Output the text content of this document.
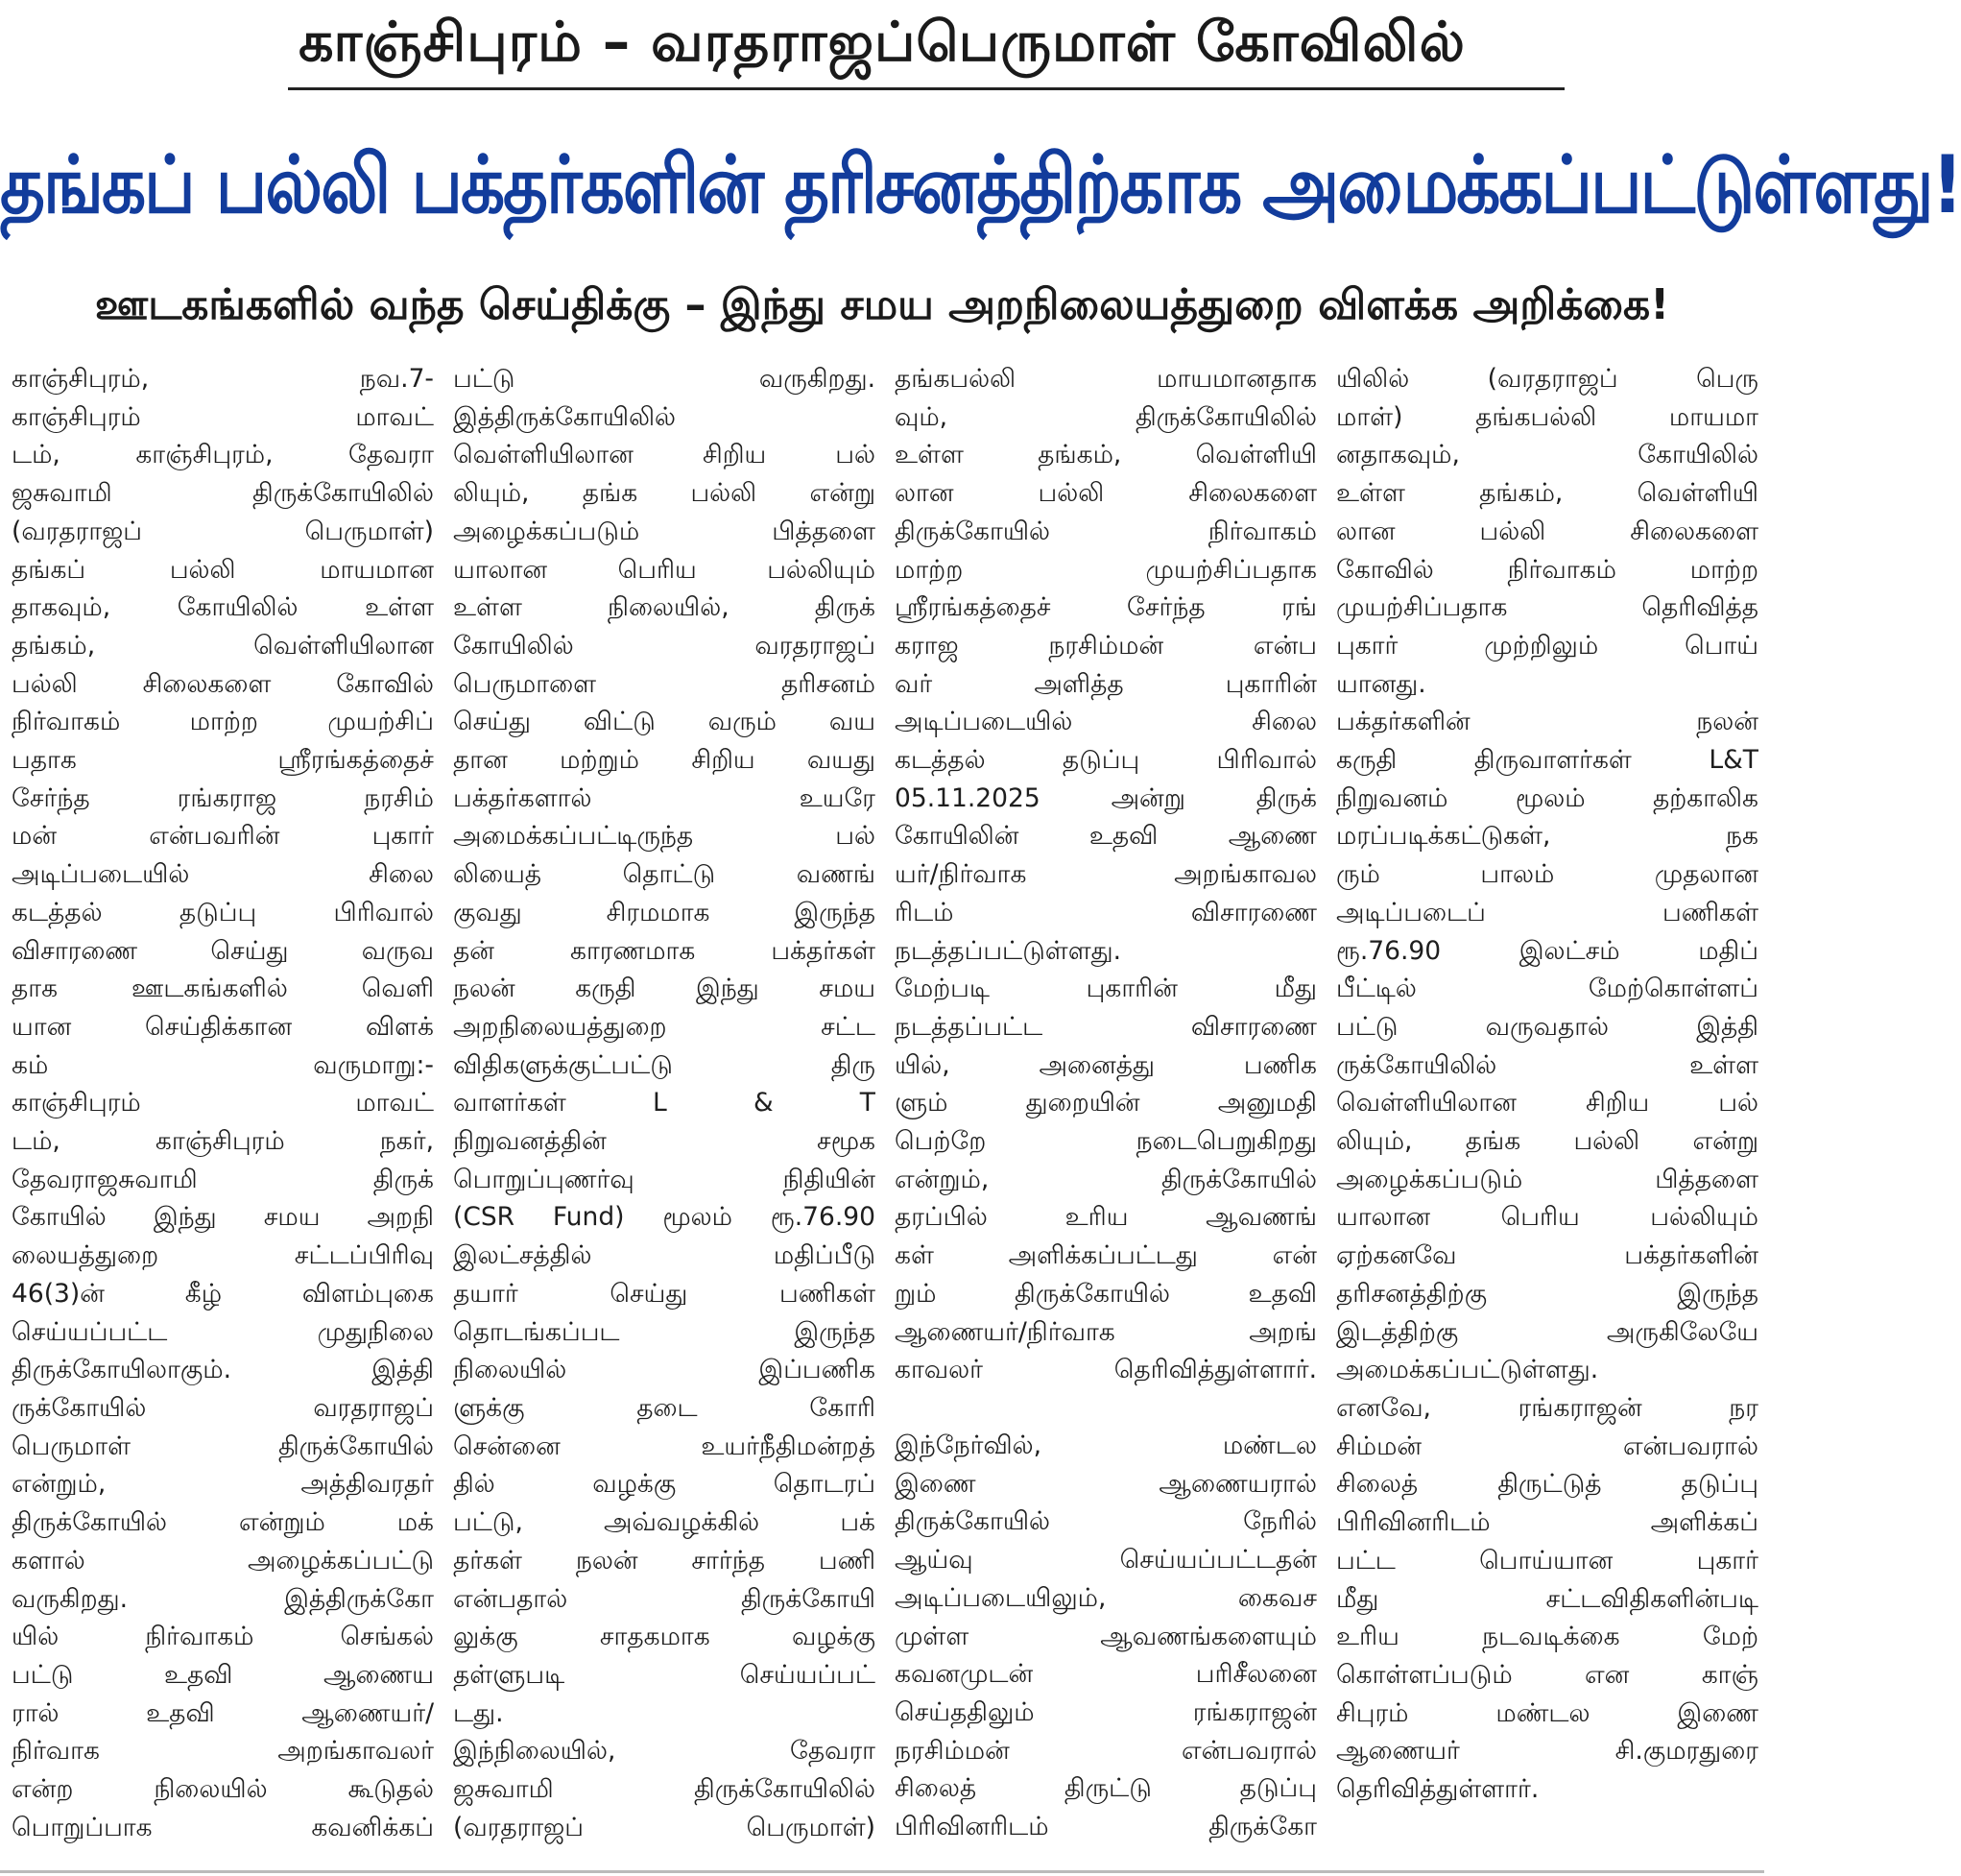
காஞ்சிபுரம் – வரதராஜப்பெருமாள் கோவிலில்
தங்கப் பல்லி பக்தர்களின் தரிசனத்திற்காக அமைக்கப்பட்டுள்ளது!
ஊடகங்களில் வந்த செய்திக்கு – இந்து சமய அறநிலையத்துறை விளக்க அறிக்கை!
காஞ்சிபுரம், நவ.7-
காஞ்சிபுரம் மாவட்
டம், காஞ்சிபுரம், தேவரா
ஜசுவாமி திருக்கோயிலில்
(வரதராஜப் பெருமாள்)
தங்கப் பல்லி மாயமான
தாகவும், கோயிலில் உள்ள
தங்கம், வெள்ளியிலான
பல்லி சிலைகளை கோவில்
நிர்வாகம் மாற்ற முயற்சிப்
பதாக ஸ்ரீரங்கத்தைச்
சேர்ந்த ரங்கராஜ நரசிம்
மன் என்பவரின் புகார்
அடிப்படையில் சிலை
கடத்தல் தடுப்பு பிரிவால்
விசாரணை செய்து வருவ
தாக ஊடகங்களில் வெளி
யான செய்திக்கான விளக்
கம் வருமாறு:-
காஞ்சிபுரம் மாவட்
டம், காஞ்சிபுரம் நகர்,
தேவராஜசுவாமி திருக்
கோயில் இந்து சமய அறநி
லையத்துறை சட்டப்பிரிவு
46(3)ன் கீழ் விளம்புகை
செய்யப்பட்ட முதுநிலை
திருக்கோயிலாகும். இத்தி
ருக்கோயில் வரதராஜப்
பெருமாள் திருக்கோயில்
என்றும், அத்திவரதர்
திருக்கோயில் என்றும் மக்
களால் அழைக்கப்பட்டு
வருகிறது. இத்திருக்கோ
யில் நிர்வாகம் செங்கல்
பட்டு உதவி ஆணைய
ரால் உதவி ஆணையர்/
நிர்வாக அறங்காவலர்
என்ற நிலையில் கூடுதல்
பொறுப்பாக கவனிக்கப்
பட்டு வருகிறது.
இத்திருக்கோயிலில்
வெள்ளியிலான சிறிய பல்
லியும், தங்க பல்லி என்று
அழைக்கப்படும் பித்தளை
யாலான பெரிய பல்லியும்
உள்ள நிலையில், திருக்
கோயிலில் வரதராஜப்
பெருமாளை தரிசனம்
செய்து விட்டு வரும் வய
தான மற்றும் சிறிய வயது
பக்தர்களால் உயரே
அமைக்கப்பட்டிருந்த பல்
லியைத் தொட்டு வணங்
குவது சிரமமாக இருந்த
தன் காரணமாக பக்தர்கள்
நலன் கருதி இந்து சமய
அறநிலையத்துறை சட்ட
விதிகளுக்குட்பட்டு திரு
வாளர்கள் L & T
நிறுவனத்தின் சமூக
பொறுப்புணர்வு நிதியின்
(CSR Fund) மூலம் ரூ.76.90
இலட்சத்தில் மதிப்பீடு
தயார் செய்து பணிகள்
தொடங்கப்பட இருந்த
நிலையில் இப்பணிக
ளுக்கு தடை கோரி
சென்னை உயர்நீதிமன்றத்
தில் வழக்கு தொடரப்
பட்டு, அவ்வழக்கில் பக்
தர்கள் நலன் சார்ந்த பணி
என்பதால் திருக்கோயி
லுக்கு சாதகமாக வழக்கு
தள்ளுபடி செய்யப்பட்
டது.
இந்நிலையில், தேவரா
ஜசுவாமி திருக்கோயிலில்
(வரதராஜப் பெருமாள்)
தங்கபல்லி மாயமானதாக
வும், திருக்கோயிலில்
உள்ள தங்கம், வெள்ளியி
லான பல்லி சிலைகளை
திருக்கோயில் நிர்வாகம்
மாற்ற முயற்சிப்பதாக
ஸ்ரீரங்கத்தைச் சேர்ந்த ரங்
கராஜ நரசிம்மன் என்ப
வர் அளித்த புகாரின்
அடிப்படையில் சிலை
கடத்தல் தடுப்பு பிரிவால்
05.11.2025 அன்று திருக்
கோயிலின் உதவி ஆணை
யர்/நிர்வாக அறங்காவல
ரிடம் விசாரணை
நடத்தப்பட்டுள்ளது.
மேற்படி புகாரின் மீது
நடத்தப்பட்ட விசாரணை
யில், அனைத்து பணிக
ளும் துறையின் அனுமதி
பெற்றே நடைபெறுகிறது
என்றும், திருக்கோயில்
தரப்பில் உரிய ஆவணங்
கள் அளிக்கப்பட்டது என்
றும் திருக்கோயில் உதவி
ஆணையர்/நிர்வாக அறங்
காவலர் தெரிவித்துள்ளார்.
இந்நேர்வில், மண்டல
இணை ஆணையரால்
திருக்கோயில் நேரில்
ஆய்வு செய்யப்பட்டதன்
அடிப்படையிலும், கைவச
முள்ள ஆவணங்களையும்
கவனமுடன் பரிசீலனை
செய்ததிலும் ரங்கராஜன்
நரசிம்மன் என்பவரால்
சிலைத் திருட்டு தடுப்பு
பிரிவினரிடம் திருக்கோ
யிலில் (வரதராஜப் பெரு
மாள்) தங்கபல்லி மாயமா
னதாகவும், கோயிலில்
உள்ள தங்கம், வெள்ளியி
லான பல்லி சிலைகளை
கோவில் நிர்வாகம் மாற்ற
முயற்சிப்பதாக தெரிவித்த
புகார் முற்றிலும் பொய்
யானது.
பக்தர்களின் நலன்
கருதி திருவாளர்கள் L&T
நிறுவனம் மூலம் தற்காலிக
மரப்படிக்கட்டுகள், நக
ரும் பாலம் முதலான
அடிப்படைப் பணிகள்
ரூ.76.90 இலட்சம் மதிப்
பீட்டில் மேற்கொள்ளப்
பட்டு வருவதால் இத்தி
ருக்கோயிலில் உள்ள
வெள்ளியிலான சிறிய பல்
லியும், தங்க பல்லி என்று
அழைக்கப்படும் பித்தளை
யாலான பெரிய பல்லியும்
ஏற்கனவே பக்தர்களின்
தரிசனத்திற்கு இருந்த
இடத்திற்கு அருகிலேயே
அமைக்கப்பட்டுள்ளது.
எனவே, ரங்கராஜன் நர
சிம்மன் என்பவரால்
சிலைத் திருட்டுத் தடுப்பு
பிரிவினரிடம் அளிக்கப்
பட்ட பொய்யான புகார்
மீது சட்டவிதிகளின்படி
உரிய நடவடிக்கை மேற்
கொள்ளப்படும் என காஞ்
சிபுரம் மண்டல இணை
ஆணையர் சி.குமரதுரை
தெரிவித்துள்ளார்.
